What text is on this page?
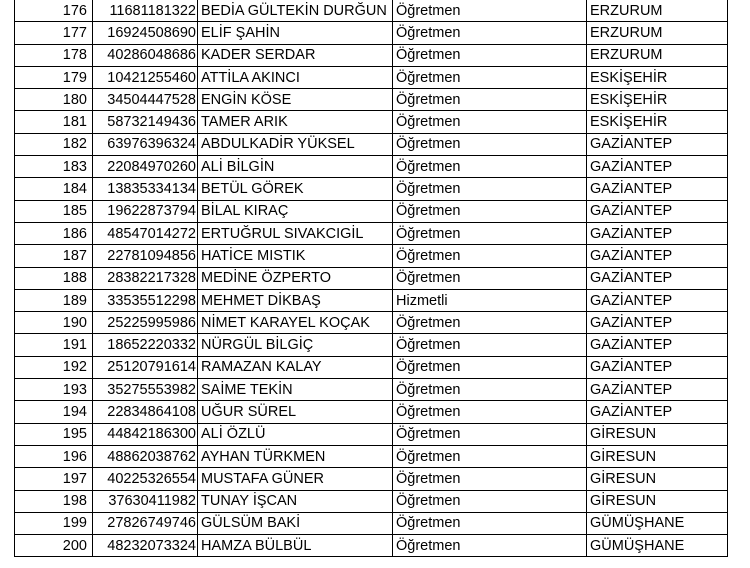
176	11681181322	BEDİA GÜLTEKİN DURĞUN	Öğretmen	ERZURUM
177	16924508690	ELİF ŞAHİN	Öğretmen	ERZURUM
178	40286048686	KADER SERDAR	Öğretmen	ERZURUM
179	10421255460	ATTİLA AKINCI	Öğretmen	ESKİŞEHİR
180	34504447528	ENGİN KÖSE	Öğretmen	ESKİŞEHİR
181	58732149436	TAMER ARIK	Öğretmen	ESKİŞEHİR
182	63976396324	ABDULKADİR YÜKSEL	Öğretmen	GAZİANTEP
183	22084970260	ALİ BİLGİN	Öğretmen	GAZİANTEP
184	13835334134	BETÜL GÖREK	Öğretmen	GAZİANTEP
185	19622873794	BİLAL KIRAÇ	Öğretmen	GAZİANTEP
186	48547014272	ERTUĞRUL SIVAKCIGİL	Öğretmen	GAZİANTEP
187	22781094856	HATİCE MISTIK	Öğretmen	GAZİANTEP
188	28382217328	MEDİNE ÖZPERTO	Öğretmen	GAZİANTEP
189	33535512298	MEHMET DİKBAŞ	Hizmetli	GAZİANTEP
190	25225995986	NİMET KARAYEL KOÇAK	Öğretmen	GAZİANTEP
191	18652220332	NÜRGÜL BİLGİÇ	Öğretmen	GAZİANTEP
192	25120791614	RAMAZAN KALAY	Öğretmen	GAZİANTEP
193	35275553982	SAİME TEKİN	Öğretmen	GAZİANTEP
194	22834864108	UĞUR SÜREL	Öğretmen	GAZİANTEP
195	44842186300	ALİ ÖZLÜ	Öğretmen	GİRESUN
196	48862038762	AYHAN TÜRKMEN	Öğretmen	GİRESUN
197	40225326554	MUSTAFA GÜNER	Öğretmen	GİRESUN
198	37630411982	TUNAY İŞCAN	Öğretmen	GİRESUN
199	27826749746	GÜLSÜM BAKİ	Öğretmen	GÜMÜŞHANE
200	48232073324	HAMZA BÜLBÜL	Öğretmen	GÜMÜŞHANE
